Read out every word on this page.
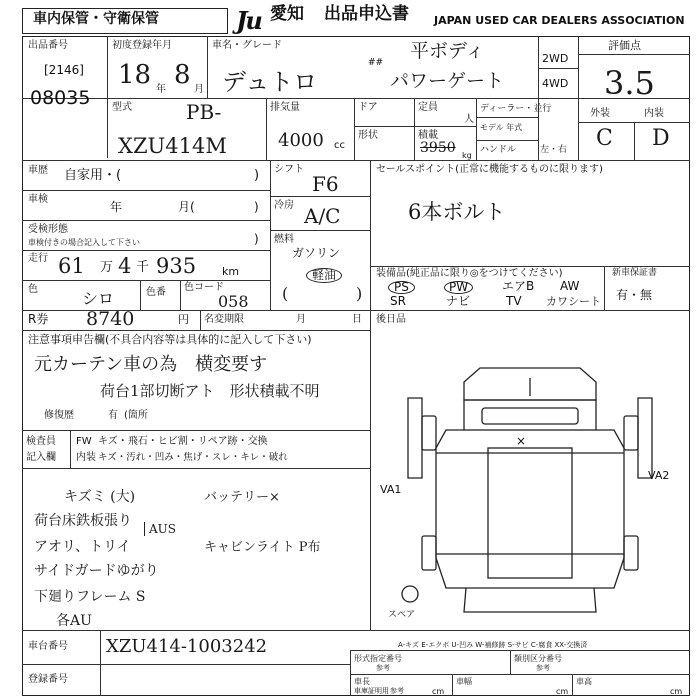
車内保管・守衛保管	Ju 愛知 出品申込書 JAPAN USED CAR DEALERS ASSOCIATION
出品番号
[2146]
08035
初度登録年月
18 年 8 月
車名・グレード	平ボディ
デュトロ
##
パワーゲート
2WD
4WD
評価点
3.5
外装	内装
C D
型式	PB-
XZU414M
排気量
4000 cc
ドア	定員
人
形状	積載
3950 kg
ディーラー・並行
モデル 年式
ハンドル	左・右
車歴 自家用・(	)
車検
年	月(	)
受検形態
車検付きの場合記入して下さい	)
走行 61 万 4 千 935 km
色	シロ	色番 色コード
058
シフト
F6
冷房 A/C
燃料
ガソリン
軽油
(	)
セールスポイント(正常に機能するものに限ります)
6本ボルト
装備品(純正品に限り◎をつけてください)	新車保証書
有・無
PS	PW	エアB AW
SR	ナビ	TV カワシート
R券 8740	円 名変期限	月	日 後日品
注意事項申告欄(不具合内容等は具体的に記入して下さい)
元カーテン車の為　横変要す
荷台1部切断アト　形状積載不明
修復歴	有 (箇所
検査員
記入欄
FW キズ・飛石・ヒビ割・リペア跡・交換
内装 キズ・汚れ・凹み・焦げ・スレ・キレ・破れ
キズミ (大)
荷台床鉄板張り
アオリ、トリイ
AUS
サイドガードゆがり
下廻りフレーム S
各AU
バッテリー×
キャビンライト P布
VA1
VA2
×
スペア
A-キズ E-エクボ U-凹み W-補修跡 S-サビ C-腐食 XX-交換済
車台番号 XZU414-1003242
登録番号
形式指定番号
参考
類別区分番号
参考
車長
車庫証明用 参考	cm
車幅
cm
車高
cm
